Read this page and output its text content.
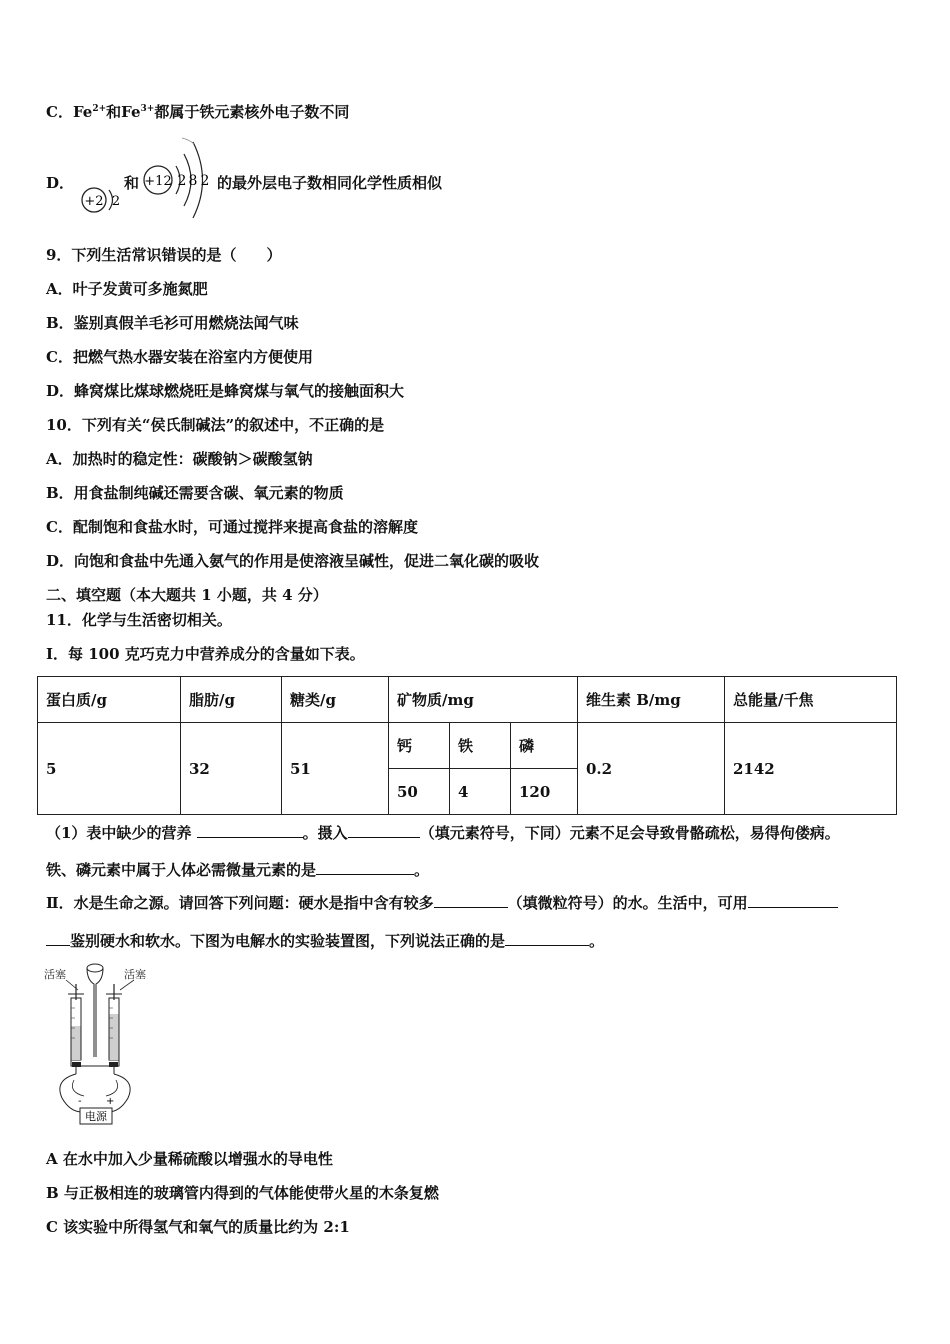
C．$Fe^{2+}$和$Fe^{3+}$都属于铁元素核外电子数不同
D．
+2 2
和 +12 2 8 2 的最外层电子数相同化学性质相似
9．下列生活常识错误的是（　　）
A．叶子发黄可多施氮肥
B．鉴别真假羊毛衫可用燃烧法闻气味
C．把燃气热水器安装在浴室内方便使用
D．蜂窝煤比煤球燃烧旺是蜂窝煤与氧气的接触面积大
10．下列有关“侯氏制碱法”的叙述中，不正确的是
A．加热时的稳定性：碳酸钠＞碳酸氢钠
B．用食盐制纯碱还需要含碳、氧元素的物质
C．配制饱和食盐水时，可通过搅拌来提高食盐的溶解度
D．向饱和食盐中先通入氨气的作用是使溶液呈碱性，促进二氧化碳的吸收
二、填空题（本大题共 1 小题，共 4 分）
11．化学与生活密切相关。
Ⅰ．每 100 克巧克力中营养成分的含量如下表。
蛋白质/g	脂肪/g	糖类/g	矿物质/mg			维生素 B/mg	总能量/千焦
5	32	51	钙	铁	磷	0.2	2142
			50	4	120		
（1）表中缺少的营养	。摄入	（填元素符号，下同）元素不足会导致骨骼疏松，易得佝偻病。
铁、磷元素中属于人体必需微量元素的是	。
Ⅱ．水是生命之源。请回答下列问题：硬水是指中含有较多	（填微粒符号）的水。生活中，可用
鉴别硬水和软水。下图为电解水的实验装置图，下列说法正确的是	。
活塞	活塞
- +
电源
A 在水中加入少量稀硫酸以增强水的导电性
B 与正极相连的玻璃管内得到的气体能使带火星的木条复燃
C 该实验中所得氢气和氧气的质量比约为 2:1
